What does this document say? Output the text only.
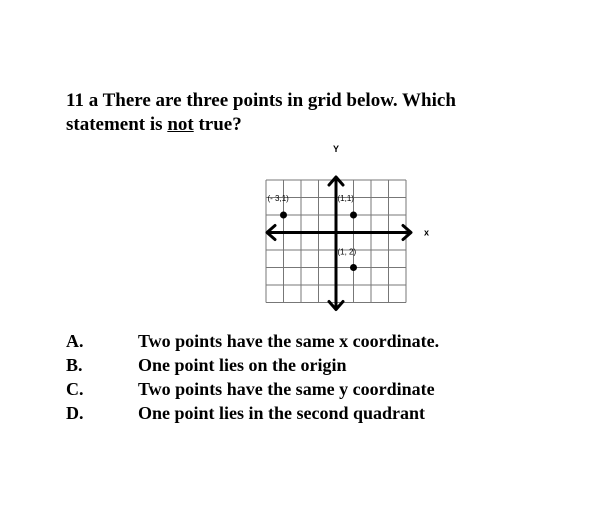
11 a There are three points in grid below. Which statement is not true?
Y
x
(- 3,1)	(1,1)
(1, 2)
A.	Two points have the same x coordinate.
B.	One point lies on the origin
C.	Two points have the same y coordinate
D.	One point lies in the second quadrant
